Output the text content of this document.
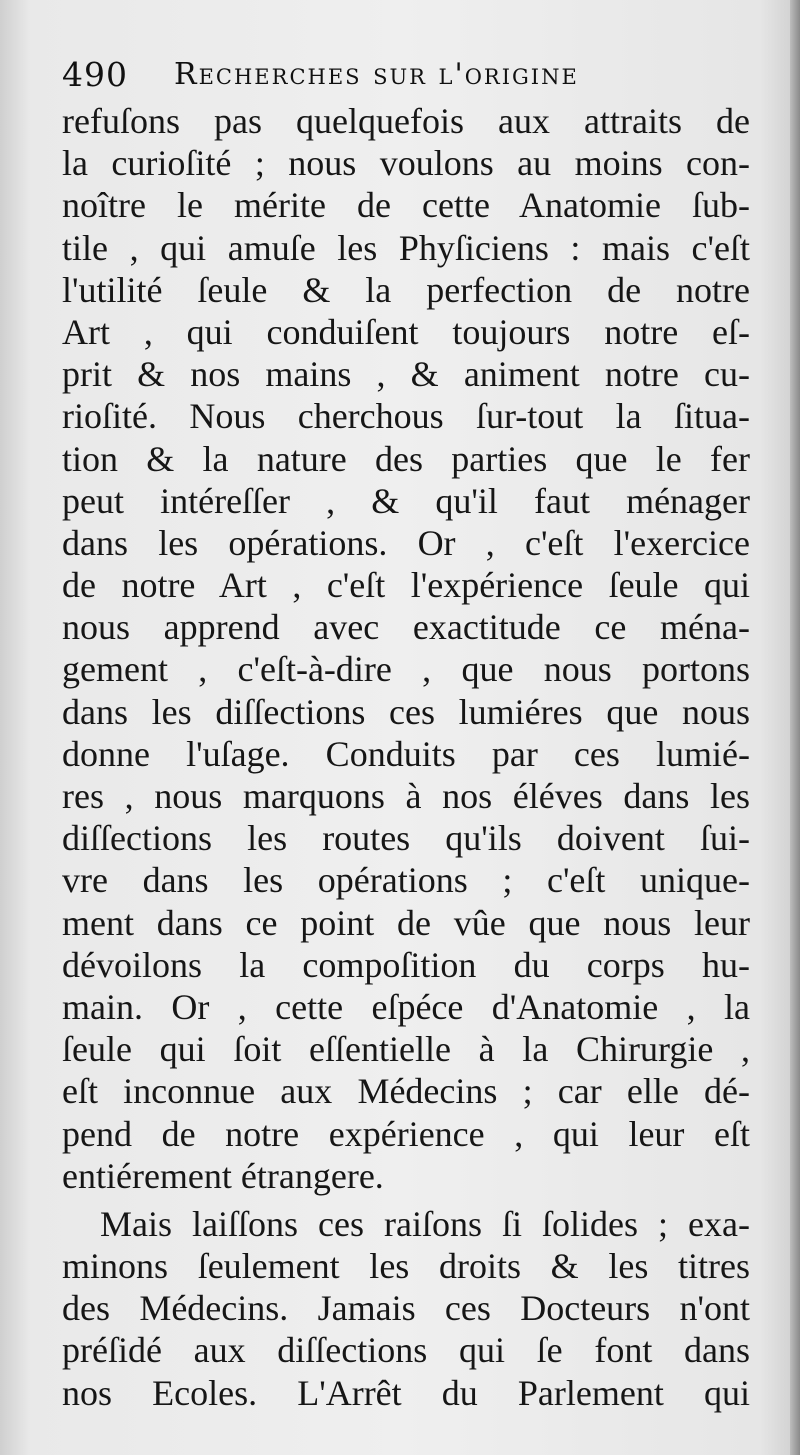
490 Recherches sur l'origine
refuſons pas quelquefois aux attraits de
la curioſité ; nous voulons au moins con-
noître le mérite de cette Anatomie ſub-
tile , qui amuſe les Phyſiciens : mais c'eſt
l'utilité ſeule & la perfection de notre
Art , qui conduiſent toujours notre eſ-
prit & nos mains , & animent notre cu-
rioſité. Nous cherchous ſur-tout la ſitua-
tion & la nature des parties que le fer
peut intéreſſer , & qu'il faut ménager
dans les opérations. Or , c'eſt l'exercice
de notre Art , c'eſt l'expérience ſeule qui
nous apprend avec exactitude ce ména-
gement , c'eſt-à-dire , que nous portons
dans les diſſections ces lumiéres que nous
donne l'uſage. Conduits par ces lumié-
res , nous marquons à nos éléves dans les
diſſections les routes qu'ils doivent ſui-
vre dans les opérations ; c'eſt unique-
ment dans ce point de vûe que nous leur
dévoilons la compoſition du corps hu-
main. Or , cette eſpéce d'Anatomie , la
ſeule qui ſoit eſſentielle à la Chirurgie ,
eſt inconnue aux Médecins ; car elle dé-
pend de notre expérience , qui leur eſt
entiérement étrangere.
Mais laiſſons ces raiſons ſi ſolides ; exa-
minons ſeulement les droits & les titres
des Médecins. Jamais ces Docteurs n'ont
préſidé aux diſſections qui ſe font dans
nos Ecoles. L'Arrêt du Parlement qui
